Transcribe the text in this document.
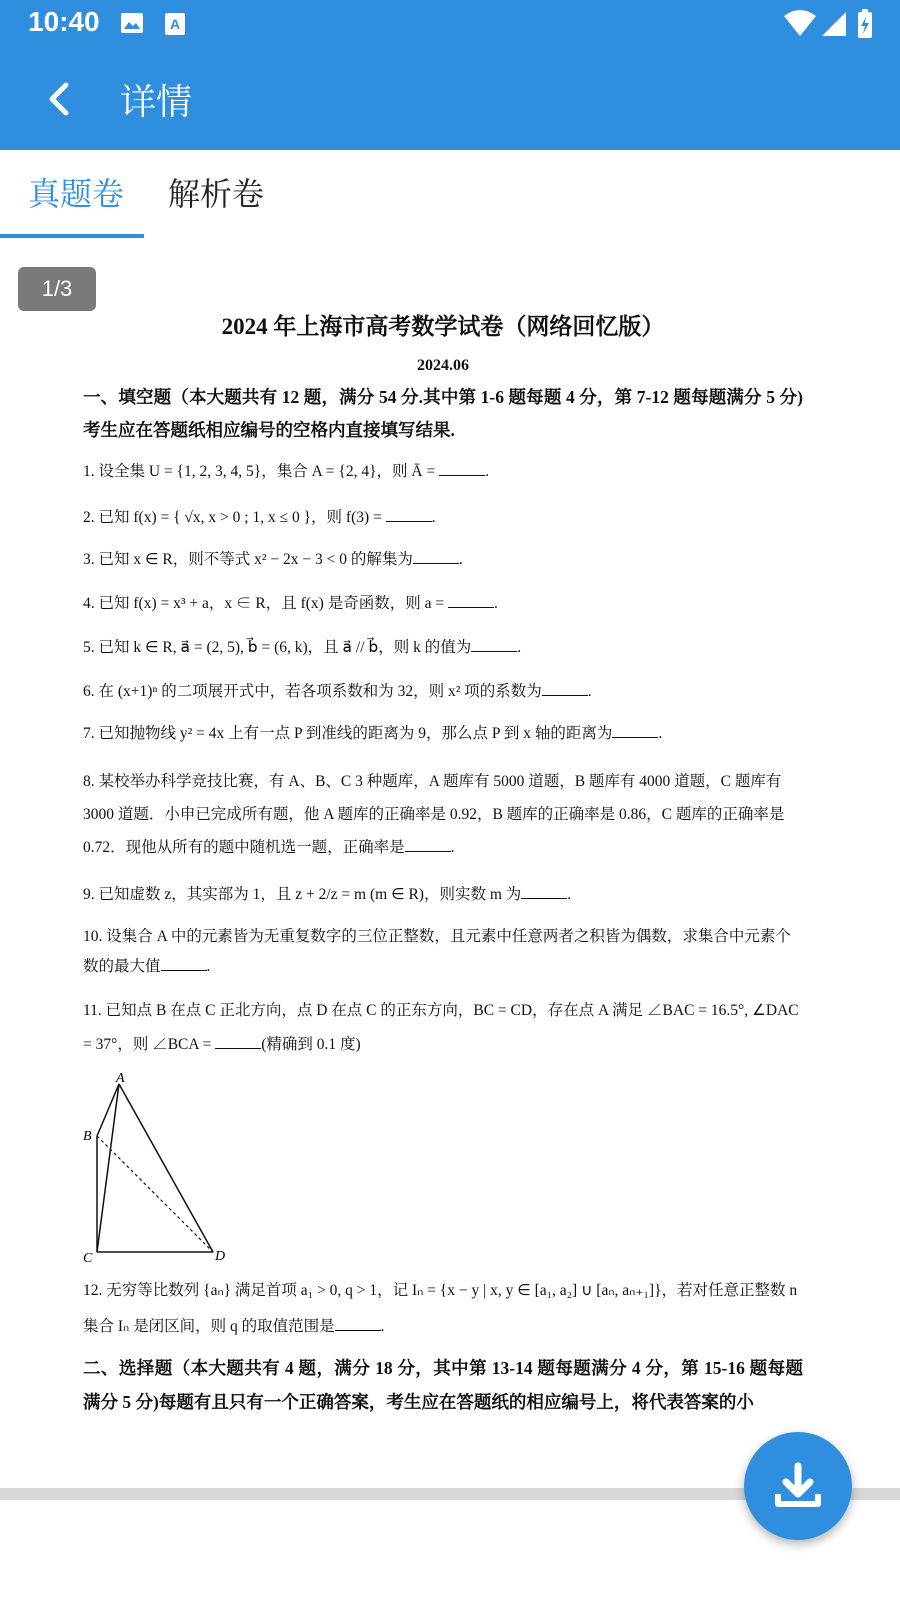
10:40	A
详情
真题卷	解析卷
1/3
2024 年上海市高考数学试卷（网络回忆版）
2024.06

一、填空题（本大题共有 12 题，满分 54 分.其中第 1-6 题每题 4 分，第 7-12 题每题满分 5 分)考生应在答题纸相应编号的空格内直接填写结果.

1. 设全集 U = {1, 2, 3, 4, 5}，集合 A = {2, 4}，则 Ā =	.

2. 已知 f(x) = { √x, x > 0 ; 1, x ≤ 0 }，则 f(3) =	.

3. 已知 x ∈ R，则不等式 x² − 2x − 3 < 0 的解集为	.

4. 已知 f(x) = x³ + a，x ∈ R，且 f(x) 是奇函数，则 a =	.

5. 已知 k ∈ R, a⃗ = (2, 5), b⃗ = (6, k)，且 a⃗ // b⃗，则 k 的值为	.

6. 在 (x+1)ⁿ 的二项展开式中，若各项系数和为 32，则 x² 项的系数为	.

7. 已知抛物线 y² = 4x 上有一点 P 到准线的距离为 9，那么点 P 到 x 轴的距离为	.

8. 某校举办科学竞技比赛，有 A、B、C 3 种题库，A 题库有 5000 道题，B 题库有 4000 道题，C 题库有 3000 道题．小申已完成所有题，他 A 题库的正确率是 0.92，B 题库的正确率是 0.86，C 题库的正确率是 0.72．现他从所有的题中随机选一题，正确率是	.

9. 已知虚数 z，其实部为 1，且 z + 2/z = m (m ∈ R)，则实数 m 为	.

10. 设集合 A 中的元素皆为无重复数字的三位正整数，且元素中任意两者之积皆为偶数，求集合中元素个数的最大值	.

11. 已知点 B 在点 C 正北方向，点 D 在点 C 的正东方向，BC = CD，存在点 A 满足 ∠BAC = 16.5°, ∠DAC = 37°，则 ∠BCA =	(精确到 0.1 度)

A
B
C	D

12. 无穷等比数列 {aₙ} 满足首项 a₁ > 0, q > 1，记 Iₙ = {x − y | x, y ∈ [a₁, a₂] ∪ [aₙ, aₙ₊₁]}，若对任意正整数 n 集合 Iₙ 是闭区间，则 q 的取值范围是	.

二、选择题（本大题共有 4 题，满分 18 分，其中第 13-14 题每题满分 4 分，第 15-16 题每题满分 5 分)每题有且只有一个正确答案，考生应在答题纸的相应编号上，将代表答案的小
